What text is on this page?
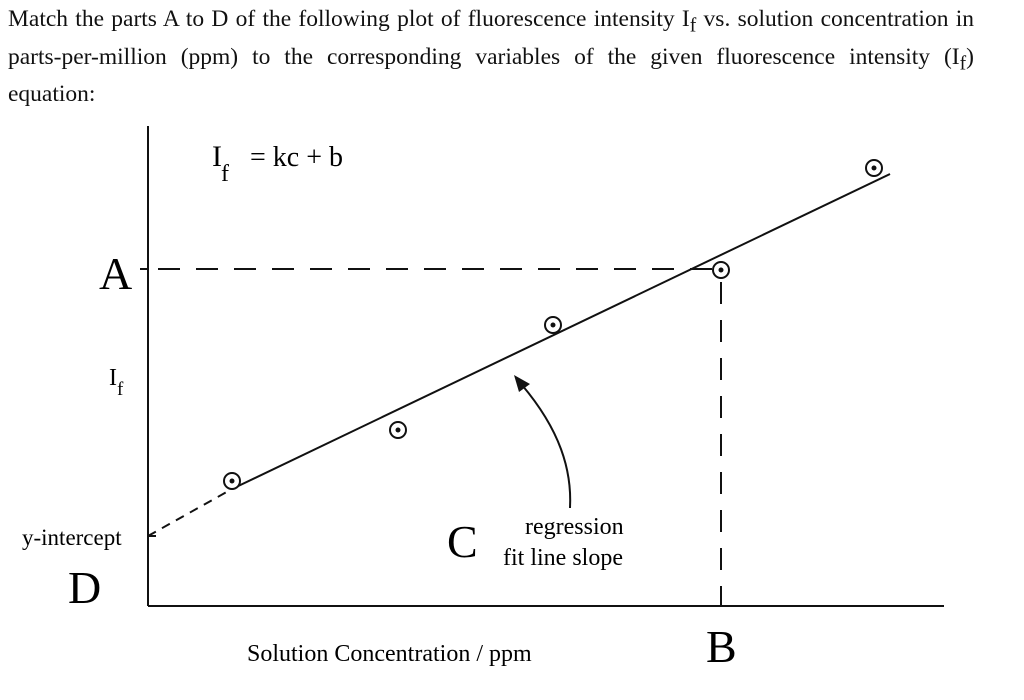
Match the parts A to D of the following plot of fluorescence intensity $I_f$ vs. solution concentration in parts-per-million (ppm) to the corresponding variables of the given fluorescence intensity $(I_f)$ equation:

I
f
= kc + b
I f
A
y-intercept
D
C regression
fit line slope
B
Solution Concentration / ppm
